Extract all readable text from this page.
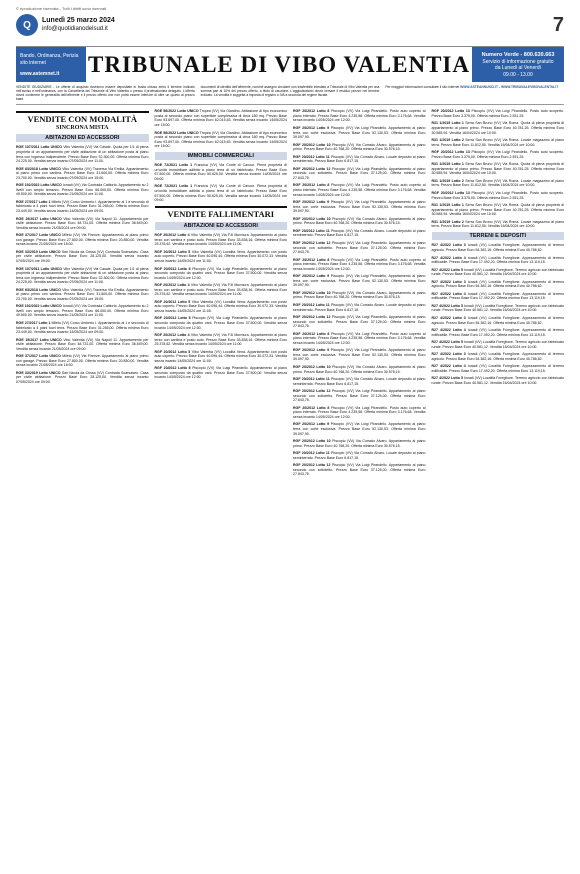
© riproduzione riservata - Tutti i diritti sono riservati
Q	Lunedì 25 marzo 2024
info@quotidianodelsud.it	7
Bando, Ordinanza, Perizia
sito internet
www.astemnet.it	TRIBUNALE DI VIBO VALENTIA	Numero Verde - 800.630.663
Servizio di informazione gratuito
da Lunedì al Venerdì
09.00 - 13.00
VENDITE GIUDIZIARIE - Le offerte di acquisto dovranno essere depositate in busta chiusa entro il termine indicato nell'avviso e nell'ordinanza, con la Cancelleria del Tribunale di Vibo Valentia o presso il professionista delegato. L'offerta dovrà contenere le generalità dell'offerente e il prezzo offerto che non potrà essere inferiore di oltre un quarto al prezzo base.
documenti di identità dell'offerente, nonché assegno circolare non trasferibile intestato a Tribunale di Vibo Valentia per una somma pari al 10% del prezzo offerto, a titolo di cauzione. L'aggiudicatario dovrà versare il residuo prezzo nel termine indicato. La vendita è soggetta a imposta di registro o IVA a seconda del regime fiscale.
Per maggiori informazioni consultare il sito internet WWW.ASTEANNUNCI.IT - WWW.TRIBUNALEVIBOVALENTIA.IT
VENDITE CON MODALITÀ
SINCRONA MISTA
ABITAZIONI ED ACCESSORI
RGE 107/2011 Lotto UNICO Vibo Valentia (VV) Via Casale. Quota per 1/1 di piena proprietà di un appartamento per civile abitazione di un abitazione posta al piano terra con ingresso indipendente. Prezzo Base Euro 32.300,00. Offerta minima Euro 24.225,00. Vendita senza incanto 07/05/2024 ore 11:00.
RGE 63/2018 Lotto UNICO Vibo Valentia (VV) Traversa Via Emilia. Appartamento al piano primo con cantina. Prezzo Base Euro 31.600,00. Offerta minima Euro 23.700,00. Vendita senza incanto 07/05/2024 ore 15:00.
RGE 192/2022 Lotto UNICO Ionadi (VV) Via Contrada Cattiorto. Appartamento su 2 livelli con ampio terrazzo. Prezzo Base Euro 66.000,00. Offerta minima Euro 49.500,00. Vendita senza incanto 21/05/2024 ore 11:00.
RGE 27/2017 Lotto 1 Mileto (VV) Corso Umberto I. Appartamento al 1 e secondo di fabbricato a 4 piani fuori terra. Prezzo Base Euro 31.265,00. Offerta minima Euro 23.449,00. Vendita senza incanto 14/05/2024 ore 09:00.
RGE 19/2017 Lotto UNICO Vibo Valentia (VV) Via Napoli 11. Appartamento per civile abitazione. Prezzo Base Euro 48.731,00. Offerta minima Euro 36.549,00. Vendita senza incanto 21/05/2024 ore 09:00.
RGE 37/2017 Lotto UNICO Mileto (VV) Via Firenze. Appartamento al piano primo con garage. Prezzo Base Euro 27.800,00. Offerta minima Euro 20.850,00. Vendita senza incanto 21/05/2024 ore 16:00.
RGE 33/2019 Lotto UNICO San Nicola da Crissa (VV) Contrada Scarsalaro. Casa per civile abitazione. Prezzo Base Euro 28.125,00. Vendita senza incanto 07/05/2024 ore 09:00.
RGE 107/2011 Lotto UNICO Vibo Valentia (VV) Via Casale. Quota per 1/1 di piena proprietà di un appartamento per civile abitazione di un abitazione posta al piano terra con ingresso indipendente. Prezzo Base Euro 32.300,00. Offerta minima Euro 24.225,00. Vendita senza incanto 07/05/2024 ore 11:00.
RGE 63/2018 Lotto UNICO Vibo Valentia (VV) Traversa Via Emilia. Appartamento al piano primo con cantina. Prezzo Base Euro 31.600,00. Offerta minima Euro 23.700,00. Vendita senza incanto 07/05/2024 ore 15:00.
RGE 192/2022 Lotto UNICO Ionadi (VV) Via Contrada Cattiorto. Appartamento su 2 livelli con ampio terrazzo. Prezzo Base Euro 66.000,00. Offerta minima Euro 49.500,00. Vendita senza incanto 21/05/2024 ore 11:00.
RGE 27/2017 Lotto 1 Mileto (VV) Corso Umberto I. Appartamento al 1 e secondo di fabbricato a 4 piani fuori terra. Prezzo Base Euro 31.265,00. Offerta minima Euro 23.449,00. Vendita senza incanto 14/05/2024 ore 09:00.
RGE 19/2017 Lotto UNICO Vibo Valentia (VV) Via Napoli 11. Appartamento per civile abitazione. Prezzo Base Euro 48.731,00. Offerta minima Euro 36.549,00. Vendita senza incanto 21/05/2024 ore 09:00.
RGE 37/2017 Lotto UNICO Mileto (VV) Via Firenze. Appartamento al piano primo con garage. Prezzo Base Euro 27.800,00. Offerta minima Euro 20.850,00. Vendita senza incanto 21/05/2024 ore 16:00.
RGE 33/2019 Lotto UNICO San Nicola da Crissa (VV) Contrada Scarsalaro. Casa per civile abitazione. Prezzo Base Euro 28.125,00. Vendita senza incanto 07/05/2024 ore 09:00.
RGE 56/2022 Lotto UNICO Tropea (VV) Via Giardino. Abitazione di tipo economico posta al secondo piano con superficie complessiva di circa 180 mq. Prezzo Base Euro 93.697,00. Offerta minima Euro 62.015,63. Vendita senza incanto 14/05/2024 ore 15:00.
RGE 56/2022 Lotto UNICO Tropea (VV) Via Giardino. Abitazione di tipo economico posta al secondo piano con superficie complessiva di circa 180 mq. Prezzo Base Euro 93.697,00. Offerta minima Euro 62.015,63. Vendita senza incanto 14/05/2024 ore 15:00.
IMMOBILI COMMERCIALI
RGE 72/2021 Lotto 1 Francica (VV) Via Conte di Cavour. Piena proprietà di un'unità immobiliare adibita a piano terra di un fabbricato. Prezzo Base Euro 67.500,00. Offerta minima Euro 50.625,00. Vendita senza incanto 14/05/2024 ore 09:00.
RGE 72/2021 Lotto 1 Francica (VV) Via Conte di Cavour. Piena proprietà di un'unità immobiliare adibita a piano terra di un fabbricato. Prezzo Base Euro 67.500,00. Offerta minima Euro 50.625,00. Vendita senza incanto 14/05/2024 ore 09:00.
VENDITE FALLIMENTARI
ABITAZIONI ED ACCESSORI
RGF 20/2012 Lotto 4 Vibo Valentia (VV) Via F.lli Murmura. Appartamento al piano terzo con cantina e posto auto. Prezzo Base Euro 33.838,16. Offerta minima Euro 25.378,62. Vendita senza incanto 14/05/2024 ore 11:00.
RGF 20/2012 Lotto 5 Vibo Valentia (VV) Località Vena. Appartamento con posto auto coperto. Prezzo Base Euro 40.096,44. Offerta minima Euro 30.072,33. Vendita senza incanto 14/05/2024 ore 11:00.
RGF 20/2012 Lotto 6 Piscopio (VV) Via Luigi Pirandello. Appartamento al piano secondo composto da quattro vani. Prezzo Base Euro 37.500,00. Vendita senza incanto 14/05/2024 ore 12:00.
RGF 20/2012 Lotto 4 Vibo Valentia (VV) Via F.lli Murmura. Appartamento al piano terzo con cantina e posto auto. Prezzo Base Euro 33.838,16. Offerta minima Euro 25.378,62. Vendita senza incanto 14/05/2024 ore 11:00.
RGF 20/2012 Lotto 5 Vibo Valentia (VV) Località Vena. Appartamento con posto auto coperto. Prezzo Base Euro 40.096,44. Offerta minima Euro 30.072,33. Vendita senza incanto 14/05/2024 ore 11:00.
RGF 20/2012 Lotto 6 Piscopio (VV) Via Luigi Pirandello. Appartamento al piano secondo composto da quattro vani. Prezzo Base Euro 37.500,00. Vendita senza incanto 14/05/2024 ore 12:00.
RGF 20/2012 Lotto 4 Vibo Valentia (VV) Via F.lli Murmura. Appartamento al piano terzo con cantina e posto auto. Prezzo Base Euro 33.838,16. Offerta minima Euro 25.378,62. Vendita senza incanto 14/05/2024 ore 11:00.
RGF 20/2012 Lotto 5 Vibo Valentia (VV) Località Vena. Appartamento con posto auto coperto. Prezzo Base Euro 40.096,44. Offerta minima Euro 30.072,33. Vendita senza incanto 14/05/2024 ore 11:00.
RGF 20/2012 Lotto 6 Piscopio (VV) Via Luigi Pirandello. Appartamento al piano secondo composto da quattro vani. Prezzo Base Euro 37.500,00. Vendita senza incanto 14/05/2024 ore 12:00.
RGF 20/2012 Lotto 8 Piscopio (VV) Via Luigi Pirandello. Posto auto coperto al piano interrato. Prezzo Base Euro 4.235,58. Offerta minima Euro 3.176,68. Vendita senza incanto 14/05/2024 ore 12:00.
RGF 20/2012 Lotto 9 Piscopio (VV) Via Luigi Pirandello. Appartamento al piano terra con corte esclusiva. Prezzo Base Euro 52.130,53. Offerta minima Euro 39.097,90.
RGF 20/2012 Lotto 10 Piscopio (VV) Via Corrado Alvaro. Appartamento al piano primo. Prezzo Base Euro 40.768,20. Offerta minima Euro 30.576,15.
RGF 20/2012 Lotto 11 Piscopio (VV) Via Corrado Alvaro. Locale deposito al piano seminterrato. Prezzo Base Euro 6.817,15.
RGF 20/2012 Lotto 12 Piscopio (VV) Via Luigi Pirandello. Appartamento al piano secondo con sottotetto. Prezzo Base Euro 37.125,00. Offerta minima Euro 27.843,75.
RGF 20/2012 Lotto 8 Piscopio (VV) Via Luigi Pirandello. Posto auto coperto al piano interrato. Prezzo Base Euro 4.235,58. Offerta minima Euro 3.176,68. Vendita senza incanto 14/05/2024 ore 12:00.
RGF 20/2012 Lotto 9 Piscopio (VV) Via Luigi Pirandello. Appartamento al piano terra con corte esclusiva. Prezzo Base Euro 52.130,53. Offerta minima Euro 39.097,90.
RGF 20/2012 Lotto 10 Piscopio (VV) Via Corrado Alvaro. Appartamento al piano primo. Prezzo Base Euro 40.768,20. Offerta minima Euro 30.576,15.
RGF 20/2012 Lotto 11 Piscopio (VV) Via Corrado Alvaro. Locale deposito al piano seminterrato. Prezzo Base Euro 6.817,15.
RGF 20/2012 Lotto 12 Piscopio (VV) Via Luigi Pirandello. Appartamento al piano secondo con sottotetto. Prezzo Base Euro 37.125,00. Offerta minima Euro 27.843,75.
RGF 20/2012 Lotto 8 Piscopio (VV) Via Luigi Pirandello. Posto auto coperto al piano interrato. Prezzo Base Euro 4.235,58. Offerta minima Euro 3.176,68. Vendita senza incanto 14/05/2024 ore 12:00.
RGF 20/2012 Lotto 9 Piscopio (VV) Via Luigi Pirandello. Appartamento al piano terra con corte esclusiva. Prezzo Base Euro 52.130,53. Offerta minima Euro 39.097,90.
RGF 20/2012 Lotto 10 Piscopio (VV) Via Corrado Alvaro. Appartamento al piano primo. Prezzo Base Euro 40.768,20. Offerta minima Euro 30.576,15.
RGF 20/2012 Lotto 11 Piscopio (VV) Via Corrado Alvaro. Locale deposito al piano seminterrato. Prezzo Base Euro 6.817,15.
RGF 20/2012 Lotto 12 Piscopio (VV) Via Luigi Pirandello. Appartamento al piano secondo con sottotetto. Prezzo Base Euro 37.125,00. Offerta minima Euro 27.843,75.
RGF 20/2012 Lotto 8 Piscopio (VV) Via Luigi Pirandello. Posto auto coperto al piano interrato. Prezzo Base Euro 4.235,58. Offerta minima Euro 3.176,68. Vendita senza incanto 14/05/2024 ore 12:00.
RGF 20/2012 Lotto 9 Piscopio (VV) Via Luigi Pirandello. Appartamento al piano terra con corte esclusiva. Prezzo Base Euro 52.130,53. Offerta minima Euro 39.097,90.
RGF 20/2012 Lotto 10 Piscopio (VV) Via Corrado Alvaro. Appartamento al piano primo. Prezzo Base Euro 40.768,20. Offerta minima Euro 30.576,15.
RGF 20/2012 Lotto 11 Piscopio (VV) Via Corrado Alvaro. Locale deposito al piano seminterrato. Prezzo Base Euro 6.817,15.
RGF 20/2012 Lotto 12 Piscopio (VV) Via Luigi Pirandello. Appartamento al piano secondo con sottotetto. Prezzo Base Euro 37.125,00. Offerta minima Euro 27.843,75.
RGF 20/2012 Lotto 8 Piscopio (VV) Via Luigi Pirandello. Posto auto coperto al piano interrato. Prezzo Base Euro 4.235,58. Offerta minima Euro 3.176,68. Vendita senza incanto 14/05/2024 ore 12:00.
RGF 20/2012 Lotto 9 Piscopio (VV) Via Luigi Pirandello. Appartamento al piano terra con corte esclusiva. Prezzo Base Euro 52.130,53. Offerta minima Euro 39.097,90.
RGF 20/2012 Lotto 10 Piscopio (VV) Via Corrado Alvaro. Appartamento al piano primo. Prezzo Base Euro 40.768,20. Offerta minima Euro 30.576,15.
RGF 20/2012 Lotto 11 Piscopio (VV) Via Corrado Alvaro. Locale deposito al piano seminterrato. Prezzo Base Euro 6.817,15.
RGF 20/2012 Lotto 12 Piscopio (VV) Via Luigi Pirandello. Appartamento al piano secondo con sottotetto. Prezzo Base Euro 37.125,00. Offerta minima Euro 27.843,75.
RGF 20/2012 Lotto 13 Piscopio (VV) Via Luigi Pirandello. Posto auto scoperto. Prezzo Base Euro 3.375,00. Offerta minima Euro 2.531,25.
R31 1/2019 Lotto 1 Serra San Bruno (VV) Via Roma. Quota di piena proprietà di appartamento al piano primo. Prezzo Base Euro 40.781,25. Offerta minima Euro 30.585,94. Vendita 16/04/2024 ore 10:00.
R31 1/2019 Lotto 2 Serra San Bruno (VV) Via Roma. Locale magazzino al piano terra. Prezzo Base Euro 11.812,50. Vendita 16/04/2024 ore 10:00.
RGF 20/2012 Lotto 13 Piscopio (VV) Via Luigi Pirandello. Posto auto scoperto. Prezzo Base Euro 3.375,00. Offerta minima Euro 2.531,25.
R31 1/2019 Lotto 1 Serra San Bruno (VV) Via Roma. Quota di piena proprietà di appartamento al piano primo. Prezzo Base Euro 40.781,25. Offerta minima Euro 30.585,94. Vendita 16/04/2024 ore 10:00.
R31 1/2019 Lotto 2 Serra San Bruno (VV) Via Roma. Locale magazzino al piano terra. Prezzo Base Euro 11.812,50. Vendita 16/04/2024 ore 10:00.
RGF 20/2012 Lotto 13 Piscopio (VV) Via Luigi Pirandello. Posto auto scoperto. Prezzo Base Euro 3.375,00. Offerta minima Euro 2.531,25.
R31 1/2019 Lotto 1 Serra San Bruno (VV) Via Roma. Quota di piena proprietà di appartamento al piano primo. Prezzo Base Euro 40.781,25. Offerta minima Euro 30.585,94. Vendita 16/04/2024 ore 10:00.
R31 1/2019 Lotto 2 Serra San Bruno (VV) Via Roma. Locale magazzino al piano terra. Prezzo Base Euro 11.812,50. Vendita 16/04/2024 ore 10:00.
TERRENI E DEPOSITI
R27 4/2022 Lotto 3 Ionadi (VV) Località Foreglione. Appezzamento di terreno agricolo. Prezzo Base Euro 54.382,16. Offerta minima Euro 40.786,62.
R27 4/2022 Lotto 4 Ionadi (VV) Località Foreglione. Appezzamento di terreno edificabile. Prezzo Base Euro 17.492,20. Offerta minima Euro 13.119,15.
R27 4/2022 Lotto 5 Ionadi (VV) Località Foreglione. Terreno agricolo con fabbricato rurale. Prezzo Base Euro 40.581,12. Vendita 16/04/2024 ore 10:00.
R27 4/2022 Lotto 3 Ionadi (VV) Località Foreglione. Appezzamento di terreno agricolo. Prezzo Base Euro 54.382,16. Offerta minima Euro 40.786,62.
R27 4/2022 Lotto 4 Ionadi (VV) Località Foreglione. Appezzamento di terreno edificabile. Prezzo Base Euro 17.492,20. Offerta minima Euro 13.119,15.
R27 4/2022 Lotto 5 Ionadi (VV) Località Foreglione. Terreno agricolo con fabbricato rurale. Prezzo Base Euro 40.581,12. Vendita 16/04/2024 ore 10:00.
R27 4/2022 Lotto 3 Ionadi (VV) Località Foreglione. Appezzamento di terreno agricolo. Prezzo Base Euro 54.382,16. Offerta minima Euro 40.786,62.
R27 4/2022 Lotto 4 Ionadi (VV) Località Foreglione. Appezzamento di terreno edificabile. Prezzo Base Euro 17.492,20. Offerta minima Euro 13.119,15.
R27 4/2022 Lotto 5 Ionadi (VV) Località Foreglione. Terreno agricolo con fabbricato rurale. Prezzo Base Euro 40.581,12. Vendita 16/04/2024 ore 10:00.
R27 4/2022 Lotto 3 Ionadi (VV) Località Foreglione. Appezzamento di terreno agricolo. Prezzo Base Euro 54.382,16. Offerta minima Euro 40.786,62.
R27 4/2022 Lotto 4 Ionadi (VV) Località Foreglione. Appezzamento di terreno edificabile. Prezzo Base Euro 17.492,20. Offerta minima Euro 13.119,15.
R27 4/2022 Lotto 5 Ionadi (VV) Località Foreglione. Terreno agricolo con fabbricato rurale. Prezzo Base Euro 40.581,12. Vendita 16/04/2024 ore 10:00.
